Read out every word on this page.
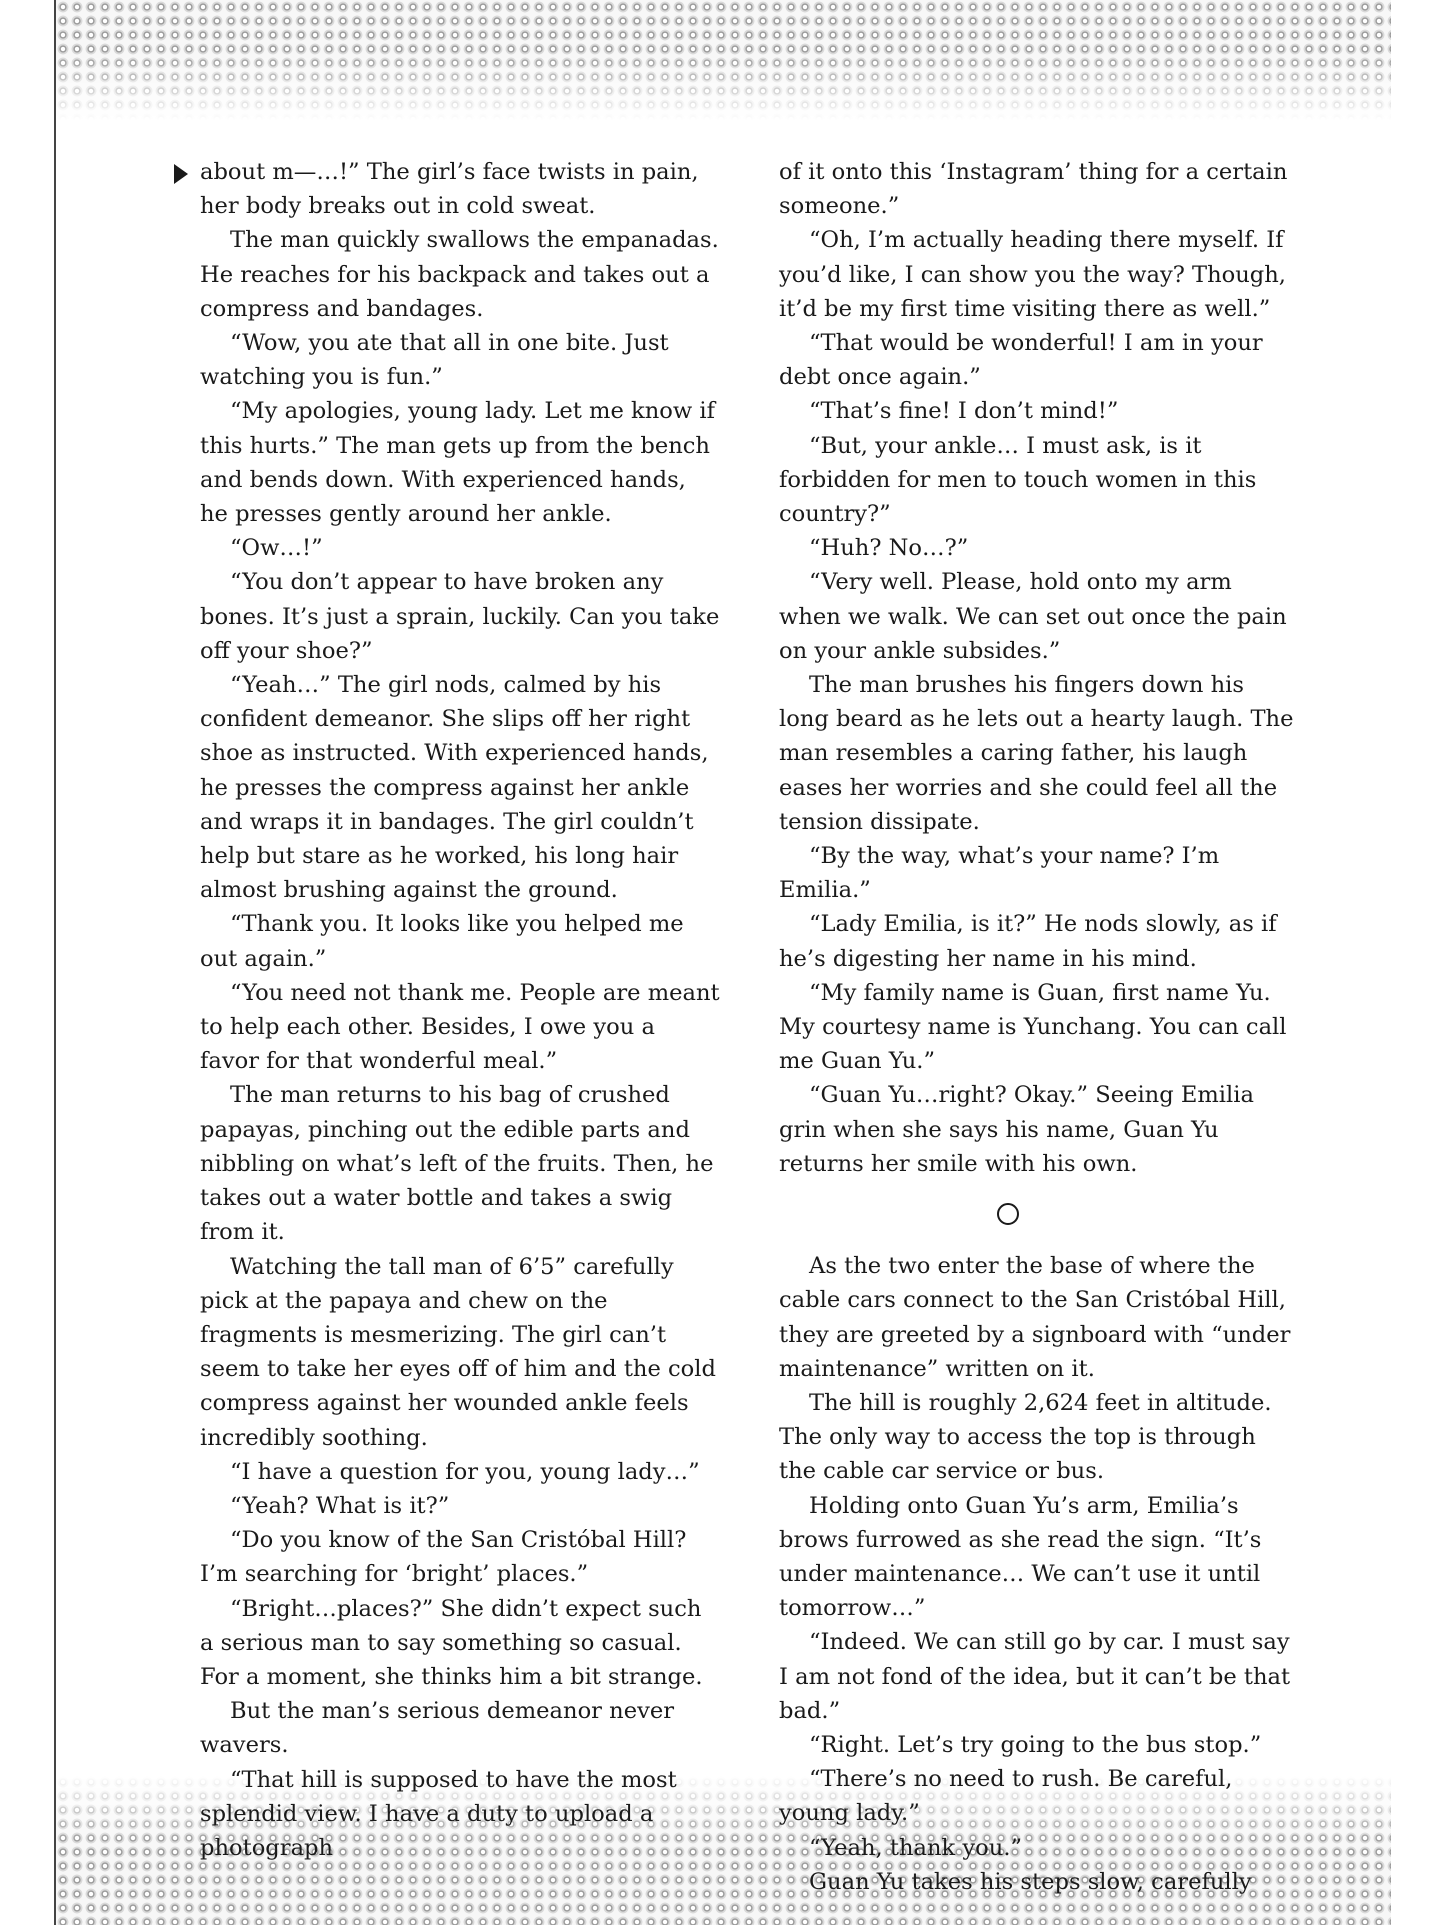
about m—…!” The girl’s face twists in pain, her body breaks out in cold sweat.

The man quickly swallows the empanadas. He reaches for his backpack and takes out a compress and bandages.

“Wow, you ate that all in one bite. Just watching you is fun.”

“My apologies, young lady. Let me know if this hurts.” The man gets up from the bench and bends down. With experienced hands, he presses gently around her ankle.

“Ow…!”

“You don’t appear to have broken any bones. It’s just a sprain, luckily. Can you take off your shoe?”

“Yeah…” The girl nods, calmed by his confident demeanor. She slips off her right shoe as instructed. With experienced hands, he presses the compress against her ankle and wraps it in bandages. The girl couldn’t help but stare as he worked, his long hair almost brushing against the ground.

“Thank you. It looks like you helped me out again.”

“You need not thank me. People are meant to help each other. Besides, I owe you a favor for that wonderful meal.”

The man returns to his bag of crushed papayas, pinching out the edible parts and nibbling on what’s left of the fruits. Then, he takes out a water bottle and takes a swig from it.

Watching the tall man of 6’5” carefully pick at the papaya and chew on the fragments is mesmerizing. The girl can’t seem to take her eyes off of him and the cold compress against her wounded ankle feels incredibly soothing.

“I have a question for you, young lady…”

“Yeah? What is it?”

“Do you know of the San Cristóbal Hill? I’m searching for ‘bright’ places.”

“Bright…places?” She didn’t expect such a serious man to say something so casual. For a moment, she thinks him a bit strange.

But the man’s serious demeanor never wavers.

“That hill is supposed to have the most splendid view. I have a duty to upload a photograph

of it onto this ‘Instagram’ thing for a certain someone.”

“Oh, I’m actually heading there myself. If you’d like, I can show you the way? Though, it’d be my first time visiting there as well.”

“That would be wonderful! I am in your debt once again.”

“That’s fine! I don’t mind!”

“But, your ankle… I must ask, is it forbidden for men to touch women in this country?”

“Huh? No…?”

“Very well. Please, hold onto my arm when we walk. We can set out once the pain on your ankle subsides.”

The man brushes his fingers down his long beard as he lets out a hearty laugh. The man resembles a caring father, his laugh eases her worries and she could feel all the tension dissipate.

“By the way, what’s your name? I’m Emilia.”

“Lady Emilia, is it?” He nods slowly, as if he’s digesting her name in his mind.

“My family name is Guan, first name Yu. My courtesy name is Yunchang. You can call me Guan Yu.”

“Guan Yu…right? Okay.” Seeing Emilia grin when she says his name, Guan Yu returns her smile with his own.

As the two enter the base of where the cable cars connect to the San Cristóbal Hill, they are greeted by a signboard with “under maintenance” written on it.

The hill is roughly 2,624 feet in altitude. The only way to access the top is through the cable car service or bus.

Holding onto Guan Yu’s arm, Emilia’s brows furrowed as she read the sign. “It’s under maintenance… We can’t use it until tomorrow…”

“Indeed. We can still go by car. I must say I am not fond of the idea, but it can’t be that bad.”

“Right. Let’s try going to the bus stop.”

“There’s no need to rush. Be careful, young lady.”

“Yeah, thank you.”

Guan Yu takes his steps slow, carefully
